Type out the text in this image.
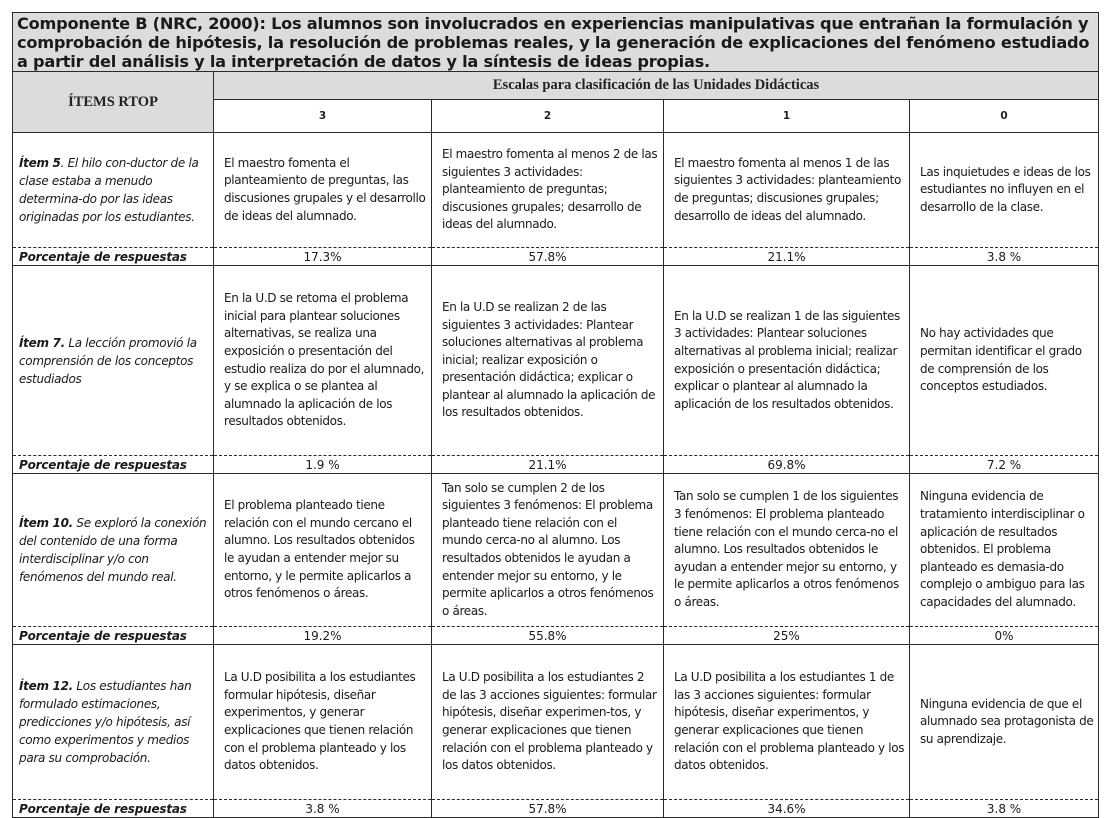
Componente B (NRC, 2000): Los alumnos son involucrados en experiencias manipulativas que entrañan la formulación y comprobación de hipótesis, la resolución de problemas reales, y la generación de explicaciones del fenómeno estudiado a partir del análisis y la interpretación de datos y la síntesis de ideas propias.				
ÍTEMS RTOP	Escalas para clasificación de las Unidades Didácticas			
	3	2	1	0
Ítem 5. El hilo con-ductor de la clase estaba a menudo determina-do por las ideas originadas por los estudiantes.	El maestro fomenta el planteamiento de preguntas, las discusiones grupales y el desarrollo de ideas del alumnado.	El maestro fomenta al menos 2 de las siguientes 3 actividades: planteamiento de preguntas; discusiones grupales; desarrollo de ideas del alumnado.	El maestro fomenta al menos 1 de las siguientes 3 actividades: planteamiento de preguntas; discusiones grupales; desarrollo de ideas del alumnado.	Las inquietudes e ideas de los estudiantes no influyen en el desarrollo de la clase.
Porcentaje de respuestas	17.3%	57.8%	21.1%	3.8 %
Ítem 7. La lección promovió la comprensión de los conceptos estudiados	En la U.D se retoma el problema inicial para plantear soluciones alternativas, se realiza una exposición o presentación del estudio realiza do por el alumnado, y se explica o se plantea al alumnado la aplicación de los resultados obtenidos.	En la U.D se realizan 2 de las siguientes 3 actividades: Plantear soluciones alternativas al problema inicial; realizar exposición o presentación didáctica; explicar o plantear al alumnado la aplicación de los resultados obtenidos.	En la U.D se realizan 1 de las siguientes 3 actividades: Plantear soluciones alternativas al problema inicial; realizar exposición o presentación didáctica; explicar o plantear al alumnado la aplicación de los resultados obtenidos.	No hay actividades que permitan identificar el grado de comprensión de los conceptos estudiados.
Porcentaje de respuestas	1.9 %	21.1%	69.8%	7.2 %
Ítem 10. Se exploró la conexión del contenido de una forma interdisciplinar y/o con fenómenos del mundo real.	El problema planteado tiene relación con el mundo cercano el alumno. Los resultados obtenidos le ayudan a entender mejor su entorno, y le permite aplicarlos a otros fenómenos o áreas.	Tan solo se cumplen 2 de los siguientes 3 fenómenos: El problema planteado tiene relación con el mundo cerca-no al alumno. Los resultados obtenidos le ayudan a entender mejor su entorno, y le permite aplicarlos a otros fenómenos o áreas.	Tan solo se cumplen 1 de los siguientes 3 fenómenos: El problema planteado tiene relación con el mundo cerca-no el alumno. Los resultados obtenidos le ayudan a entender mejor su entorno, y le permite aplicarlos a otros fenómenos o áreas.	Ninguna evidencia de tratamiento interdisciplinar o aplicación de resultados obtenidos. El problema planteado es demasia-do complejo o ambiguo para las capacidades del alumnado.
Porcentaje de respuestas	19.2%	55.8%	25%	0%
Ítem 12. Los estudiantes han formulado estimaciones, predicciones y/o hipótesis, así como experimentos y medios para su comprobación.	La U.D posibilita a los estudiantes formular hipótesis, diseñar experimentos, y generar explicaciones que tienen relación con el problema planteado y los datos obtenidos.	La U.D posibilita a los estudiantes 2 de las 3 acciones siguientes: formular hipótesis, diseñar experimen-tos, y generar explicaciones que tienen relación con el problema planteado y los datos obtenidos.	La U.D posibilita a los estudiantes 1 de las 3 acciones siguientes: formular hipótesis, diseñar experimentos, y generar explicaciones que tienen relación con el problema planteado y los datos obtenidos.	Ninguna evidencia de que el alumnado sea protagonista de su aprendizaje.
Porcentaje de respuestas	3.8 %	57.8%	34.6%	3.8 %
